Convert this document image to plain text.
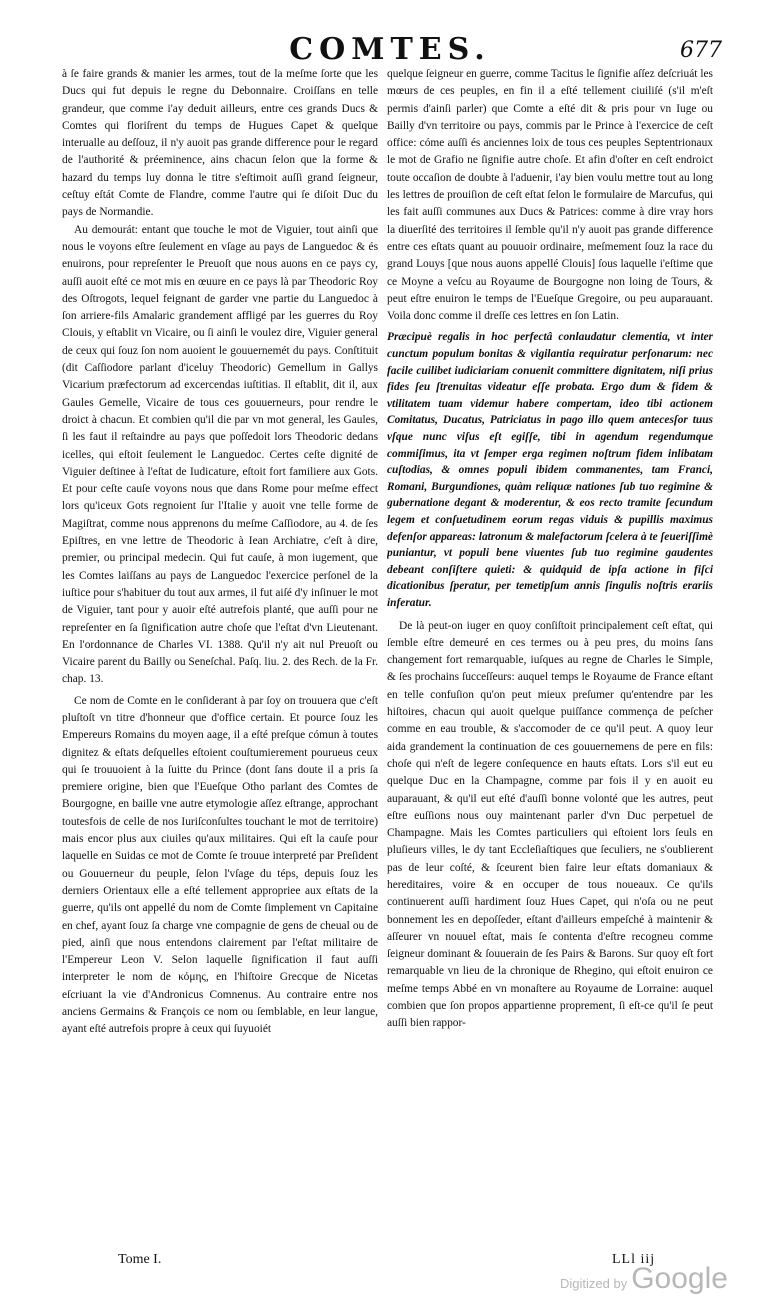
COMTES.	677

à ſe faire grands & manier les armes, tout de la meſme ſorte que les Ducs qui fut depuis le regne du Debonnaire. Croiſſans en telle grandeur, que comme i'ay deduit ailleurs, entre ces grands Ducs & Comtes qui floriſrent du temps de Hugues Capet & quelque interualle au deſſouz, il n'y auoit pas grande difference pour le regard de l'authorité & préeminence, ains chacun ſelon que la forme & hazard du temps luy donna le titre s'eſtimoit auſſi grand ſeigneur, ceſtuy eſtát Comte de Flandre, comme l'autre qui ſe diſoit Duc du pays de Normandie.

Au demourát: entant que touche le mot de Viguier, tout ainſi que nous le voyons eſtre ſeulement en vſage au pays de Languedoc & és enuirons, pour repreſenter le Preuoſt que nous auons en ce pays cy, auſſi auoit eſté ce mot mis en œuure en ce pays là par Theodoric Roy des Oſtrogots, lequel feignant de garder vne partie du Languedoc à ſon arriere-fils Amalaric grandement affligé par les guerres du Roy Clouis, y eſtablit vn Vicaire, ou ſi ainſi le voulez dire, Viguier general de ceux qui ſouz ſon nom auoient le gouuernemét du pays. Conſtituit (dit Caſſiodore parlant d'iceluy Theodoric) Gemellum in Gallys Vicarium præfectorum ad excercendas iuſtitias. Il eſtablit, dit il, aux Gaules Gemelle, Vicaire de tous ces gouuerneurs, pour rendre le droict à chacun. Et combien qu'il die par vn mot general, les Gaules, ſi les faut il reſtaindre au pays que poſſedoit lors Theodoric dedans icelles, qui eſtoit ſeulement le Languedoc. Certes ceſte dignité de Viguier deſtinee à l'eſtat de Iudicature, eſtoit fort familiere aux Gots. Et pour ceſte cauſe voyons nous que dans Rome pour meſme effect lors qu'iceux Gots regnoient ſur l'Italie y auoit vne telle forme de Magiſtrat, comme nous apprenons du meſme Caſſiodore, au 4. de ſes Epiſtres, en vne lettre de Theodoric à Iean Archiatre, c'eſt à dire, premier, ou principal medecin. Qui fut cauſe, à mon iugement, que les Comtes laiſſans au pays de Languedoc l'exercice perſonel de la iuſtice pour s'habituer du tout aux armes, il fut aiſé d'y inſinuer le mot de Viguier, tant pour y auoir eſté autrefois planté, que auſſi pour ne repreſenter en ſa ſignification autre choſe que l'eſtat d'vn Lieutenant. En l'ordonnance de Charles VI. 1388. Qu'il n'y ait nul Preuoſt ou Vicaire parent du Bailly ou Seneſchal. Paſq. liu. 2. des Rech. de la Fr. chap. 13.

Ce nom de Comte en le conſiderant à par ſoy on trouuera que c'eſt pluſtoſt vn titre d'honneur que d'office certain. Et pource ſouz les Empereurs Romains du moyen aage, il a eſté preſque cómun à toutes dignitez & eſtats deſquelles eſtoient couſtumierement pourueus ceux qui ſe trouuoient à la ſuitte du Prince (dont ſans doute il a pris ſa premiere origine, bien que l'Eueſque Otho parlant des Comtes de Bourgogne, en baille vne autre etymologie aſſez eſtrange, approchant toutesfois de celle de nos Iuriſconſultes touchant le mot de territoire) mais encor plus aux ciuiles qu'aux militaires. Qui eſt la cauſe pour laquelle en Suidas ce mot de Comte ſe trouue interpreté par Preſident ou Gouuerneur du peuple, ſelon l'vſage du téps, depuis ſouz les derniers Orientaux elle a eſté tellement appropriee aux eſtats de la guerre, qu'ils ont appellé du nom de Comte ſimplement vn Capitaine en chef, ayant ſouz ſa charge vne compagnie de gens de cheual ou de pied, ainſi que nous entendons clairement par l'eſtat militaire de l'Empereur Leon V. Selon laquelle ſignification il faut auſſi interpreter le nom de κόμης, en l'hiſtoire Grecque de Nicetas eſcriuant la vie d'Andronicus Comnenus. Au contraire entre nos anciens Germains & François ce nom ou ſemblable, en leur langue, ayant eſté autrefois propre à ceux qui ſuyuoiét

quelque ſeigneur en guerre, comme Tacitus le ſignifie aſſez deſcriuát les mœurs de ces peuples, en fin il a eſté tellement ciuiliſé (s'il m'eſt permis d'ainſi parler) que Comte a eſté dit & pris pour vn Iuge ou Bailly d'vn territoire ou pays, commis par le Prince à l'exercice de ceſt office: cóme auſſi és anciennes loix de tous ces peuples Septentrionaux le mot de Grafio ne ſignifie autre choſe. Et afin d'oſter en ceſt endroict toute occaſion de doubte à l'aduenir, i'ay bien voulu mettre tout au long les lettres de prouiſion de ceſt eſtat ſelon le formulaire de Marcufus, qui les fait auſſi communes aux Ducs & Patrices: comme à dire vray hors la diuerſité des territoires il ſemble qu'il n'y auoit pas grande difference entre ces eſtats quant au pouuoir ordinaire, meſmement ſouz la race du grand Louys [que nous auons appellé Clouis] ſous laquelle i'eſtime que ce Moyne a veſcu au Royaume de Bourgogne non loing de Tours, & peut eſtre enuiron le temps de l'Eueſque Gregoire, ou peu auparauant. Voila donc comme il dreſſe ces lettres en ſon Latin.

Præcipuè regalis in hoc perfectâ conlaudatur clementia, vt inter cunctum populum bonitas & vigilantia requiratur perſonarum: nec facile cuilibet iudiciariam conuenit committere dignitatem, niſi prius fides ſeu ſtrenuitas videatur eſſe probata. Ergo dum & fidem & vtilitatem tuam videmur habere compertam, ideo tibi actionem Comitatus, Ducatus, Patriciatus in pago illo quem antecesſor tuus vſque nunc viſus eſt egiſſe, tibi in agendum regendumque commiſimus, ita vt ſemper erga regimen noſtrum fidem inlibatam cuſtodias, & omnes populi ibidem commanentes, tam Franci, Romani, Burgundiones, quàm reliquæ nationes ſub tuo regimine & gubernatione degant & moderentur, & eos recto tramite ſecundum legem et conſuetudinem eorum regas viduis & pupillis maximus defenſor appareas: latronum & malefactorum ſcelera à te ſeueriſſimè puniantur, vt populi bene viuentes ſub tuo regimine gaudentes debeant conſiſtere quieti: & quidquid de ipſa actione in fiſci dicationibus ſperatur, per temetipſum annis ſingulis noſtris erariis inferatur.

De là peut-on iuger en quoy conſiſtoit principalement ceſt eſtat, qui ſemble eſtre demeuré en ces termes ou à peu pres, du moins ſans changement fort remarquable, iuſques au regne de Charles le Simple, & ſes prochains ſucceſſeurs: auquel temps le Royaume de France eſtant en telle confuſion qu'on peut mieux preſumer qu'entendre par les hiſtoires, chacun qui auoit quelque puiſſance commença de peſcher comme en eau trouble, & s'accomoder de ce qu'il peut. A quoy leur aida grandement la continuation de ces gouuernemens de pere en fils: choſe qui n'eſt de legere conſequence en hauts eſtats. Lors s'il eut eu quelque Duc en la Champagne, comme par fois il y en auoit eu auparauant, & qu'il eut eſté d'auſſi bonne volonté que les autres, peut eſtre euſſions nous ouy maintenant parler d'vn Duc perpetuel de Champagne. Mais les Comtes particuliers qui eſtoient lors ſeuls en pluſieurs villes, le dy tant Eccleſiaſtiques que ſeculiers, ne s'oublierent pas de leur coſté, & ſceurent bien faire leur eſtats domaniaux & hereditaires, voire & en occuper de tous noueaux. Ce qu'ils continuerent auſſi hardiment ſouz Hues Capet, qui n'oſa ou ne peut bonnement les en depoſſeder, eſtant d'ailleurs empeſché à maintenir & aſſeurer vn nouuel eſtat, mais ſe contenta d'eſtre recogneu comme ſeigneur dominant & ſouuerain de ſes Pairs & Barons. Sur quoy eſt fort remarquable vn lieu de la chronique de Rhegino, qui eſtoit enuiron ce meſme temps Abbé en vn monaſtere au Royaume de Lorraine: auquel combien que ſon propos appartienne proprement, ſi eſt-ce qu'il ſe peut auſſi bien rappor-

Tome I.	LLl iij
Digitized by Google
